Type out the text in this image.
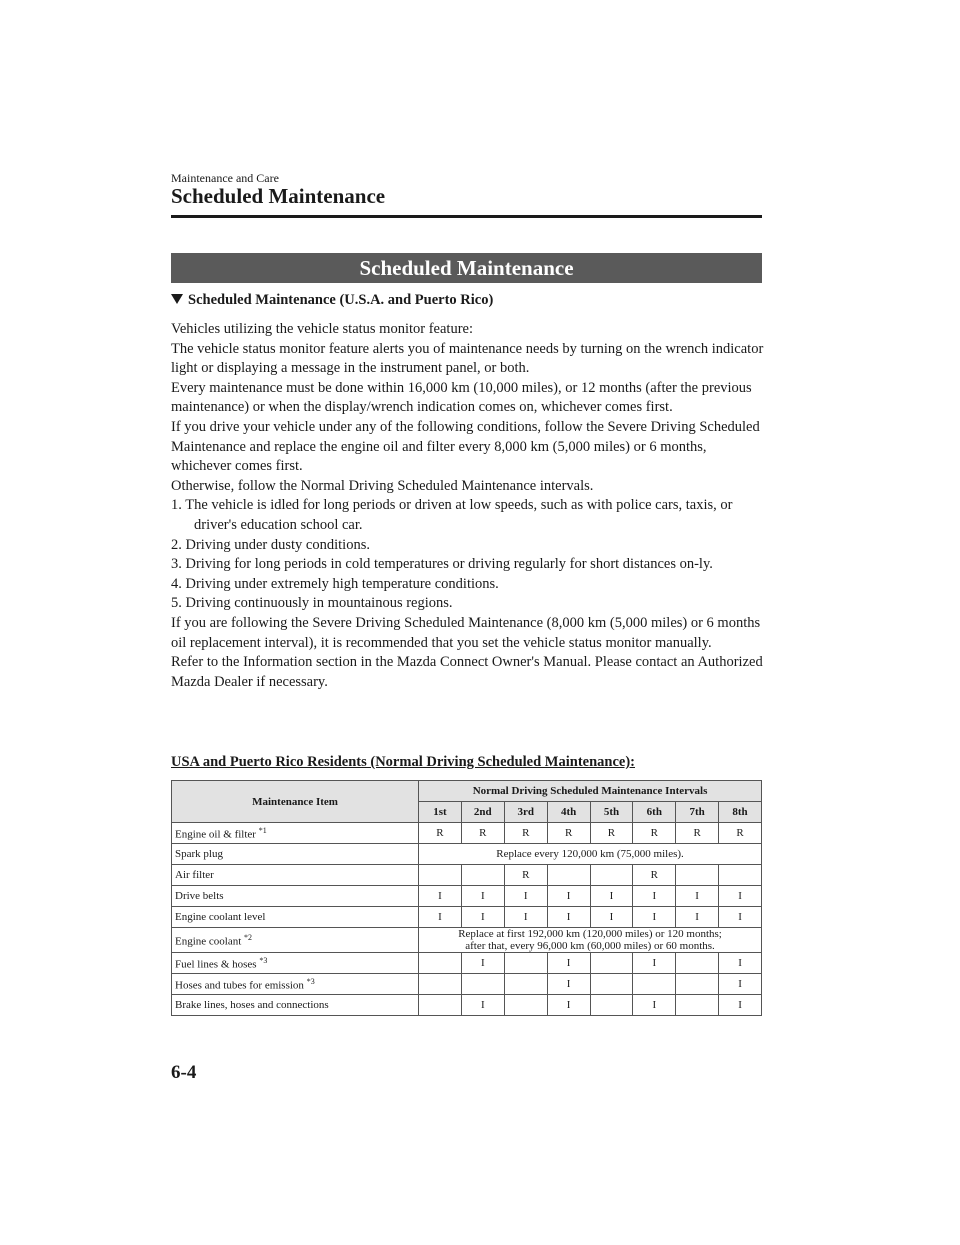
Maintenance and Care
Scheduled Maintenance
Scheduled Maintenance
Scheduled Maintenance (U.S.A. and Puerto Rico)

Vehicles utilizing the vehicle status monitor feature:

The vehicle status monitor feature alerts you of maintenance needs by turning on the wrench indicator light or displaying a message in the instrument panel, or both.

Every maintenance must be done within 16,000 km (10,000 miles), or 12 months (after the previous maintenance) or when the display/wrench indication comes on, whichever comes first.

If you drive your vehicle under any of the following conditions, follow the Severe Driving Scheduled Maintenance and replace the engine oil and filter every 8,000 km (5,000 miles) or 6 months, whichever comes first.

Otherwise, follow the Normal Driving Scheduled Maintenance intervals.

1. The vehicle is idled for long periods or driven at low speeds, such as with police cars, taxis, or driver's education school car.

2. Driving under dusty conditions.

3. Driving for long periods in cold temperatures or driving regularly for short distances on-ly.

4. Driving under extremely high temperature conditions.

5. Driving continuously in mountainous regions.

If you are following the Severe Driving Scheduled Maintenance (8,000 km (5,000 miles) or 6 months oil replacement interval), it is recommended that you set the vehicle status monitor manually.

Refer to the Information section in the Mazda Connect Owner's Manual. Please contact an Authorized Mazda Dealer if necessary.

USA and Puerto Rico Residents (Normal Driving Scheduled Maintenance):
Maintenance Item	Normal Driving Scheduled Maintenance Intervals							
	1st	2nd	3rd	4th	5th	6th	7th	8th
Engine oil & filter $^{*1}$	R	R	R	R	R	R	R	R
Spark plug	Replace every 120,000 km (75,000 miles).							
Air filter			R			R		
Drive belts	I	I	I	I	I	I	I	I
Engine coolant level	I	I	I	I	I	I	I	I
Engine coolant $^{*2}$	Replace at first 192,000 km (120,000 miles) or 120 months;
after that, every 96,000 km (60,000 miles) or 60 months.							

Fuel lines & hoses $^{*3}$		I		I		I		I
Hoses and tubes for emission $^{*3}$				I				I
Brake lines, hoses and connections		I		I		I		I
6-4
